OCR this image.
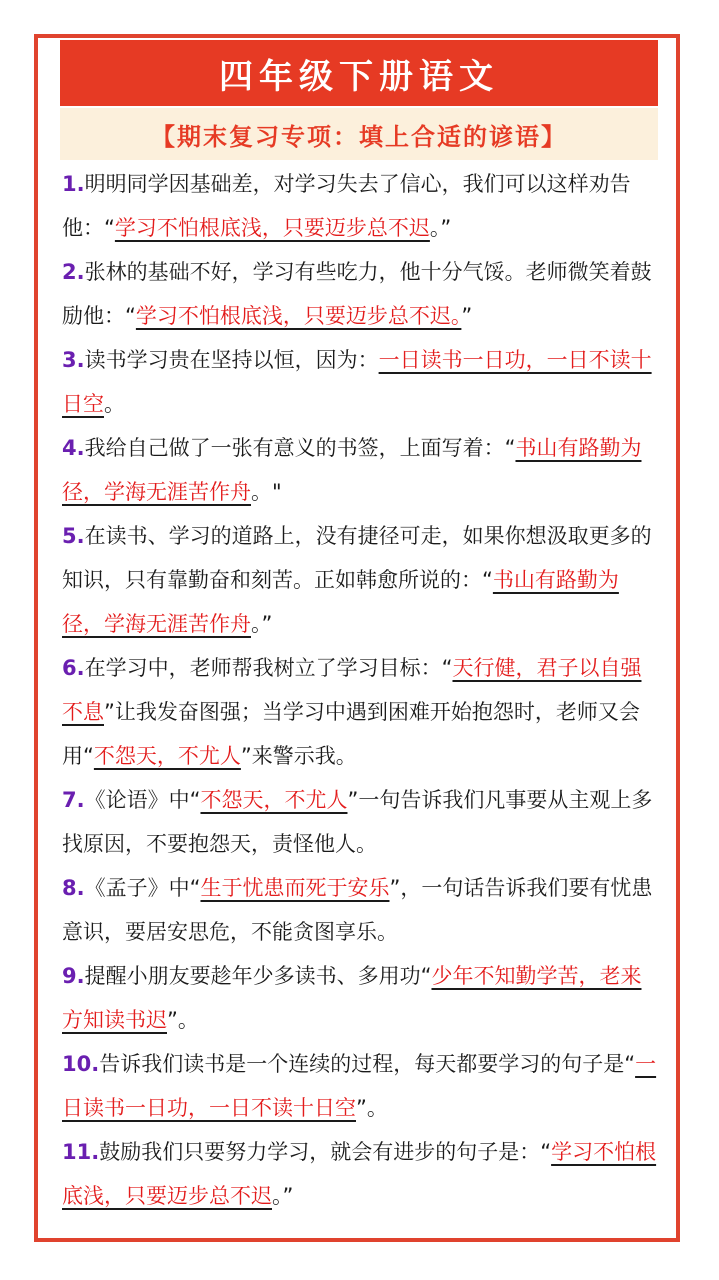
四年级下册语文
【期末复习专项：填上合适的谚语】
1.明明同学因基础差，对学习失去了信心，我们可以这样劝告他：“学习不怕根底浅，只要迈步总不迟。”
2.张林的基础不好，学习有些吃力，他十分气馁。老师微笑着鼓励他：“学习不怕根底浅，只要迈步总不迟。”
3.读书学习贵在坚持以恒，因为：一日读书一日功，一日不读十日空。
4.我给自己做了一张有意义的书签，上面写着：“书山有路勤为径，学海无涯苦作舟。"
5.在读书、学习的道路上，没有捷径可走，如果你想汲取更多的知识，只有靠勤奋和刻苦。正如韩愈所说的：“书山有路勤为径，学海无涯苦作舟。”
6.在学习中，老师帮我树立了学习目标：“天行健，君子以自强不息”让我发奋图强；当学习中遇到困难开始抱怨时，老师又会用“不怨天，不尤人”来警示我。
7.《论语》中“不怨天，不尤人”一句告诉我们凡事要从主观上多找原因，不要抱怨天，责怪他人。
8.《孟子》中“生于忧患而死于安乐”，一句话告诉我们要有忧患意识，要居安思危，不能贪图享乐。
9.提醒小朋友要趁年少多读书、多用功“少年不知勤学苦，老来方知读书迟”。
10.告诉我们读书是一个连续的过程，每天都要学习的句子是“一日读书一日功，一日不读十日空”。
11.鼓励我们只要努力学习，就会有进步的句子是：“学习不怕根底浅，只要迈步总不迟。”
